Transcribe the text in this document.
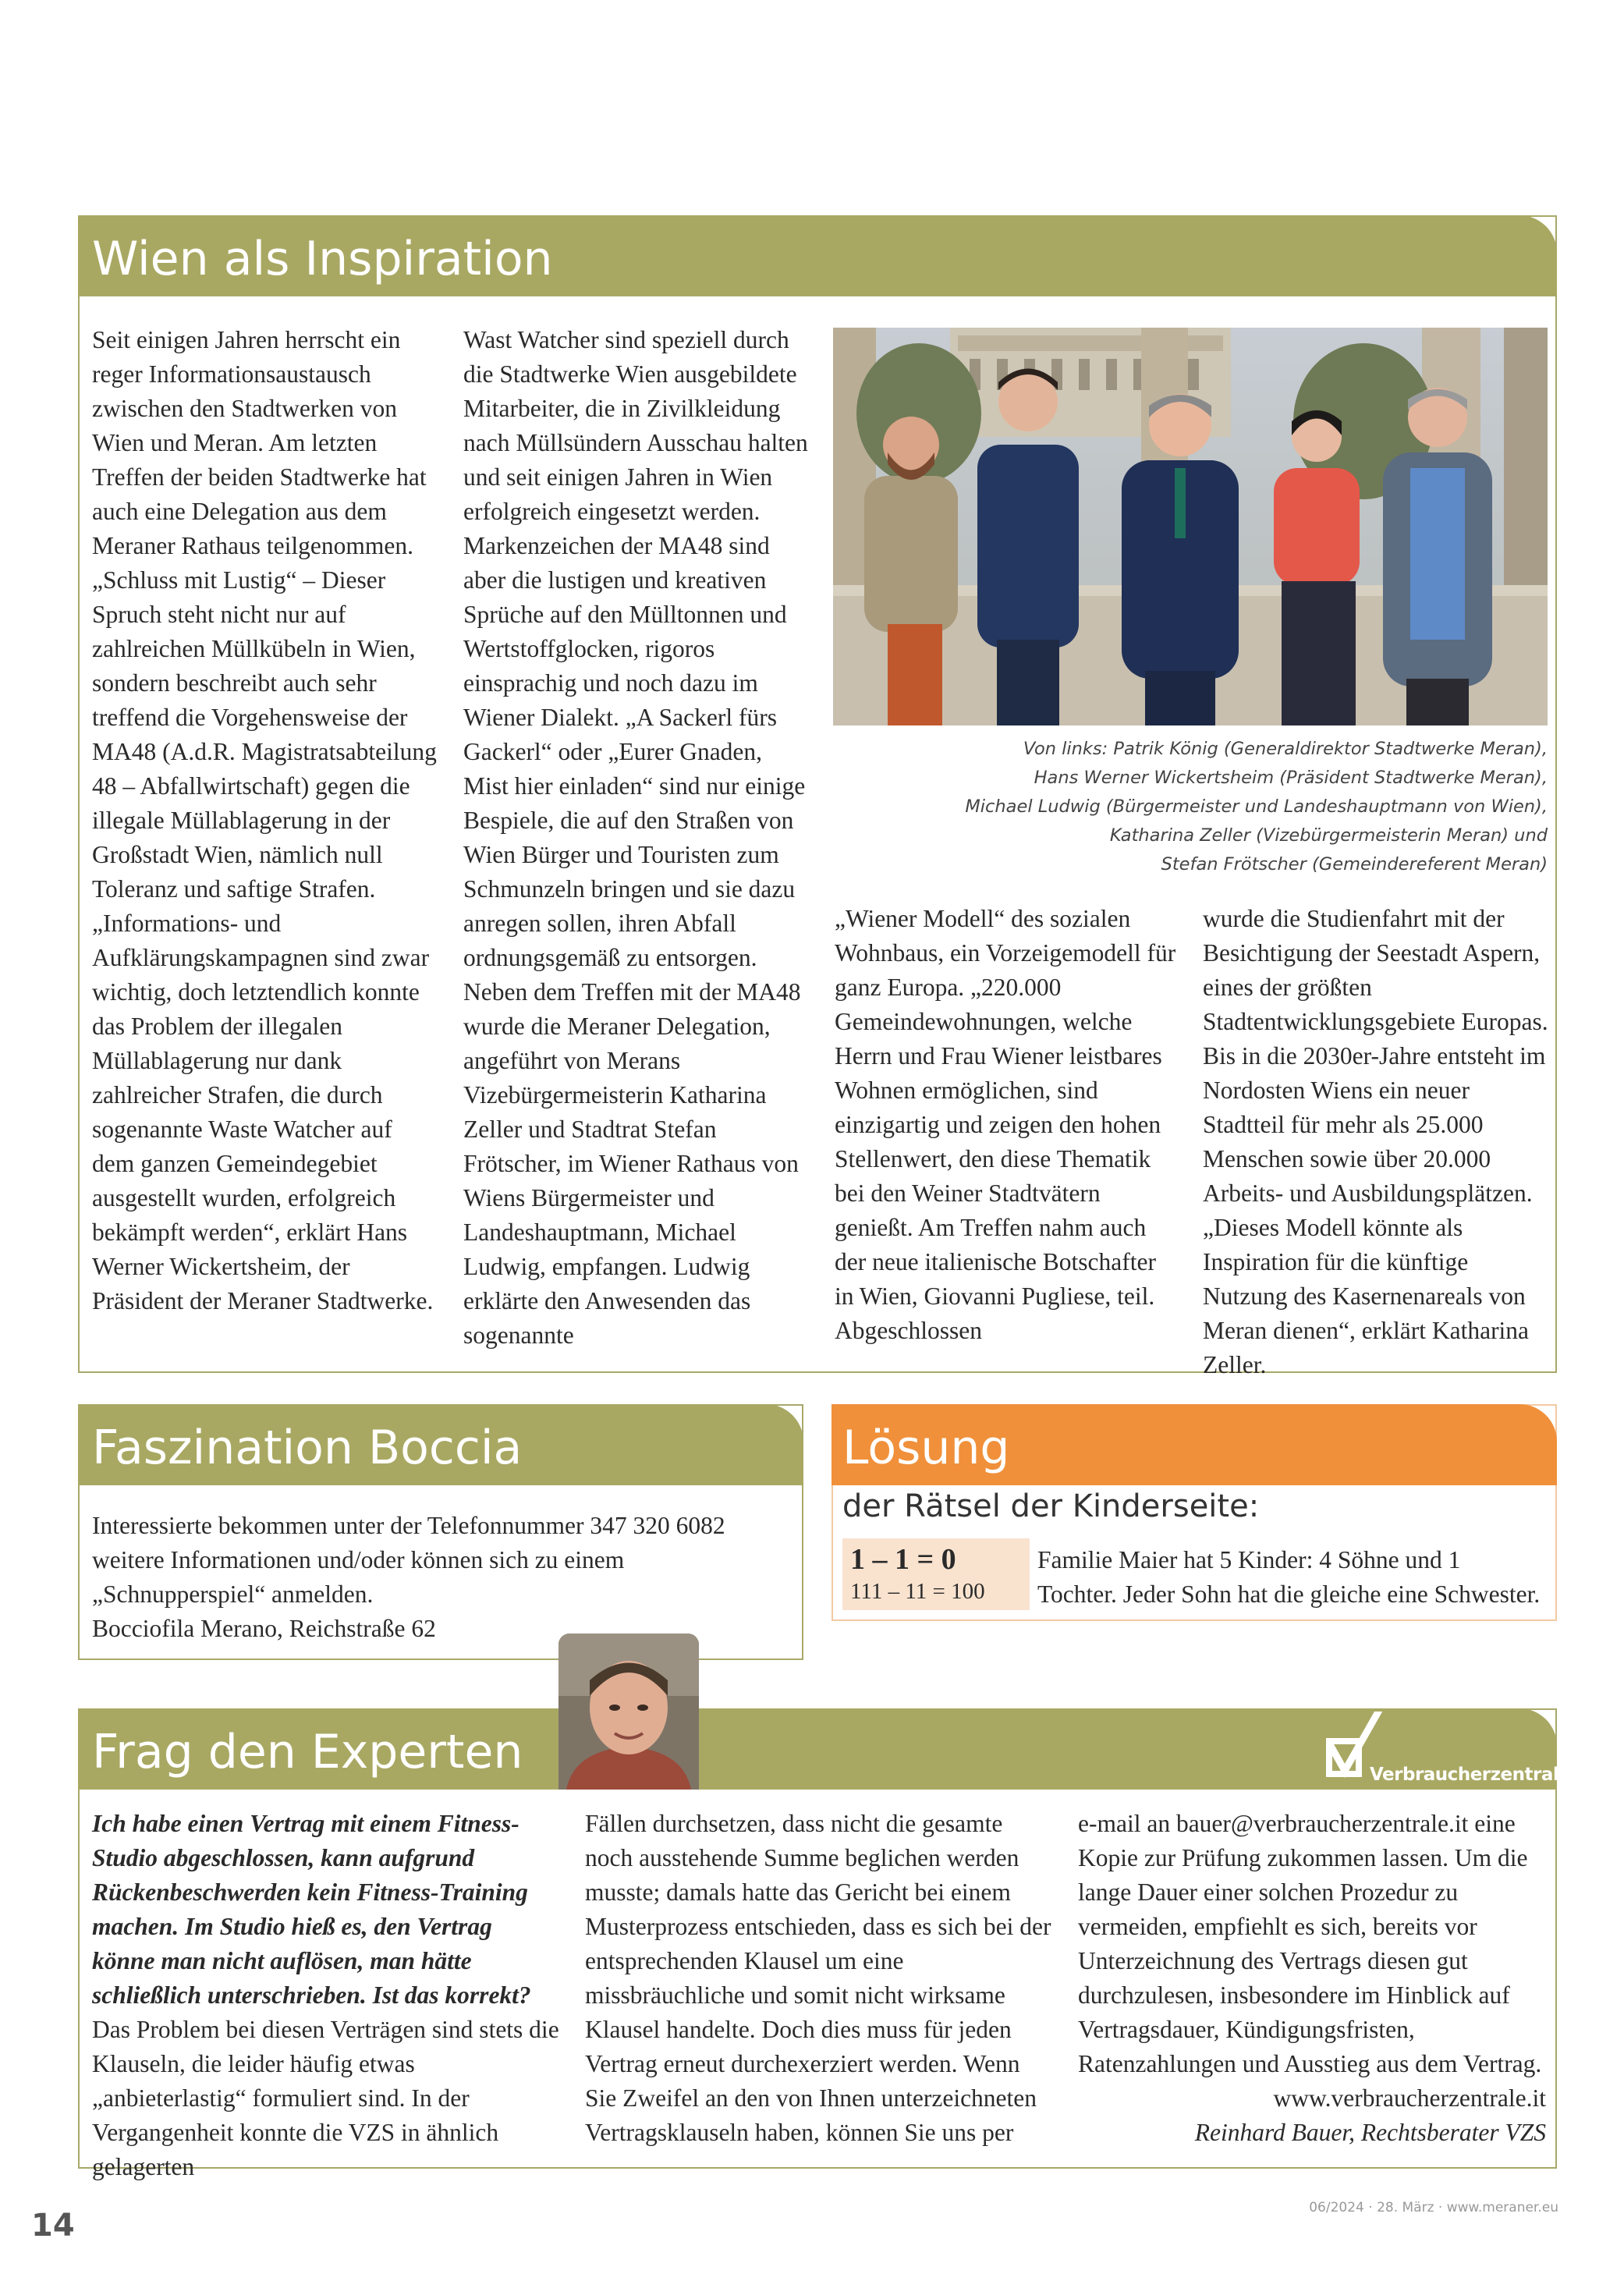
Wien als Inspiration

Seit einigen Jahren herrscht ein reger Informationsaustausch zwischen den Stadtwerken von Wien und Meran. Am letzten Treffen der beiden Stadtwerke hat auch eine Delegation aus dem Meraner Rathaus teilgenommen. „Schluss mit Lustig“ – Dieser Spruch steht nicht nur auf zahlreichen Müllkübeln in Wien, sondern beschreibt auch sehr treffend die Vorgehensweise der MA48 (A.d.R. Magistratsabteilung 48 – Abfallwirtschaft) gegen die illegale Müllablagerung in der Großstadt Wien, nämlich null Toleranz und saftige Strafen. „Informations- und Aufklärungskampagnen sind zwar wichtig, doch letztendlich konnte das Problem der illegalen Müllablagerung nur dank zahlreicher Strafen, die durch sogenannte Waste Watcher auf dem ganzen Gemeindegebiet ausgestellt wurden, erfolgreich bekämpft werden“, erklärt Hans Werner Wickertsheim, der Präsident der Meraner Stadtwerke.

Wast Watcher sind speziell durch die Stadtwerke Wien ausgebildete Mitarbeiter, die in Zivilkleidung nach Müllsündern Ausschau halten und seit einigen Jahren in Wien erfolgreich eingesetzt werden. Markenzeichen der MA48 sind aber die lustigen und kreativen Sprüche auf den Mülltonnen und Wertstoffglocken, rigoros einsprachig und noch dazu im Wiener Dialekt. „A Sackerl fürs Gackerl“ oder „Eurer Gnaden, Mist hier einladen“ sind nur einige Bespiele, die auf den Straßen von Wien Bürger und Touristen zum Schmunzeln bringen und sie dazu anregen sollen, ihren Abfall ordnungsgemäß zu entsorgen. Neben dem Treffen mit der MA48 wurde die Meraner Delegation, angeführt von Merans Vizebürgermeisterin Katharina Zeller und Stadtrat Stefan Frötscher, im Wiener Rathaus von Wiens Bürgermeister und Landeshauptmann, Michael Ludwig, empfangen. Ludwig erklärte den Anwesenden das sogenannte

Von links: Patrik König (Generaldirektor Stadtwerke Meran),
Hans Werner Wickertsheim (Präsident Stadtwerke Meran),
Michael Ludwig (Bürgermeister und Landeshauptmann von Wien),
Katharina Zeller (Vizebürgermeisterin Meran) und
Stefan Frötscher (Gemeindereferent Meran)

„Wiener Modell“ des sozialen Wohnbaus, ein Vorzeigemodell für ganz Europa. „220.000 Gemeindewohnungen, welche Herrn und Frau Wiener leistbares Wohnen ermöglichen, sind einzigartig und zeigen den hohen Stellenwert, den diese Thematik bei den Weiner Stadtvätern genießt. Am Treffen nahm auch der neue italienische Botschafter in Wien, Giovanni Pugliese, teil. Abgeschlossen

wurde die Studienfahrt mit der Besichtigung der Seestadt Aspern, eines der größten Stadtentwicklungsgebiete Europas. Bis in die 2030er-Jahre entsteht im Nordosten Wiens ein neuer Stadtteil für mehr als 25.000 Menschen sowie über 20.000 Arbeits- und Ausbildungsplätzen. „Dieses Modell könnte als Inspiration für die künftige Nutzung des Kasernenareals von Meran dienen“, erklärt Katharina Zeller.

Faszination Boccia
Interessierte bekommen unter der Telefonnummer 347 320 6082 weitere Informationen und/oder können sich zu einem „Schnupperspiel“ anmelden.
Bocciofila Merano, Reichstraße 62
Lösung
der Rätsel der Kinderseite:
1 – 1 = 0
111 – 11 = 100
Familie Maier hat 5 Kinder: 4 Söhne und 1 Tochter. Jeder Sohn hat die gleiche eine Schwester.
Frag den Experten	Verbraucherzentrale

Ich habe einen Vertrag mit einem Fitness-Studio abgeschlossen, kann aufgrund Rückenbeschwerden kein Fitness-Training machen. Im Studio hieß es, den Vertrag könne man nicht auflösen, man hätte schließlich unterschrieben. Ist das korrekt?

Das Problem bei diesen Verträgen sind stets die Klauseln, die leider häufig etwas „anbieterlastig“ formuliert sind. In der Vergangenheit konnte die VZS in ähnlich gelagerten

Fällen durchsetzen, dass nicht die gesamte noch ausstehende Summe beglichen werden musste; damals hatte das Gericht bei einem Musterprozess entschieden, dass es sich bei der entsprechenden Klausel um eine missbräuchliche und somit nicht wirksame Klausel handelte. Doch dies muss für jeden Vertrag erneut durchexerziert werden. Wenn Sie Zweifel an den von Ihnen unterzeichneten Vertragsklauseln haben, können Sie uns per

e-mail an bauer@verbraucherzentrale.it eine Kopie zur Prüfung zukommen lassen. Um die lange Dauer einer solchen Prozedur zu vermeiden, empfiehlt es sich, bereits vor Unterzeichnung des Vertrags diesen gut durchzulesen, insbesondere im Hinblick auf Vertragsdauer, Kündigungsfristen, Ratenzahlungen und Ausstieg aus dem Vertrag.

www.verbraucherzentrale.it

Reinhard Bauer, Rechtsberater VZS

14	06/2024 · 28. März · www.meraner.eu
